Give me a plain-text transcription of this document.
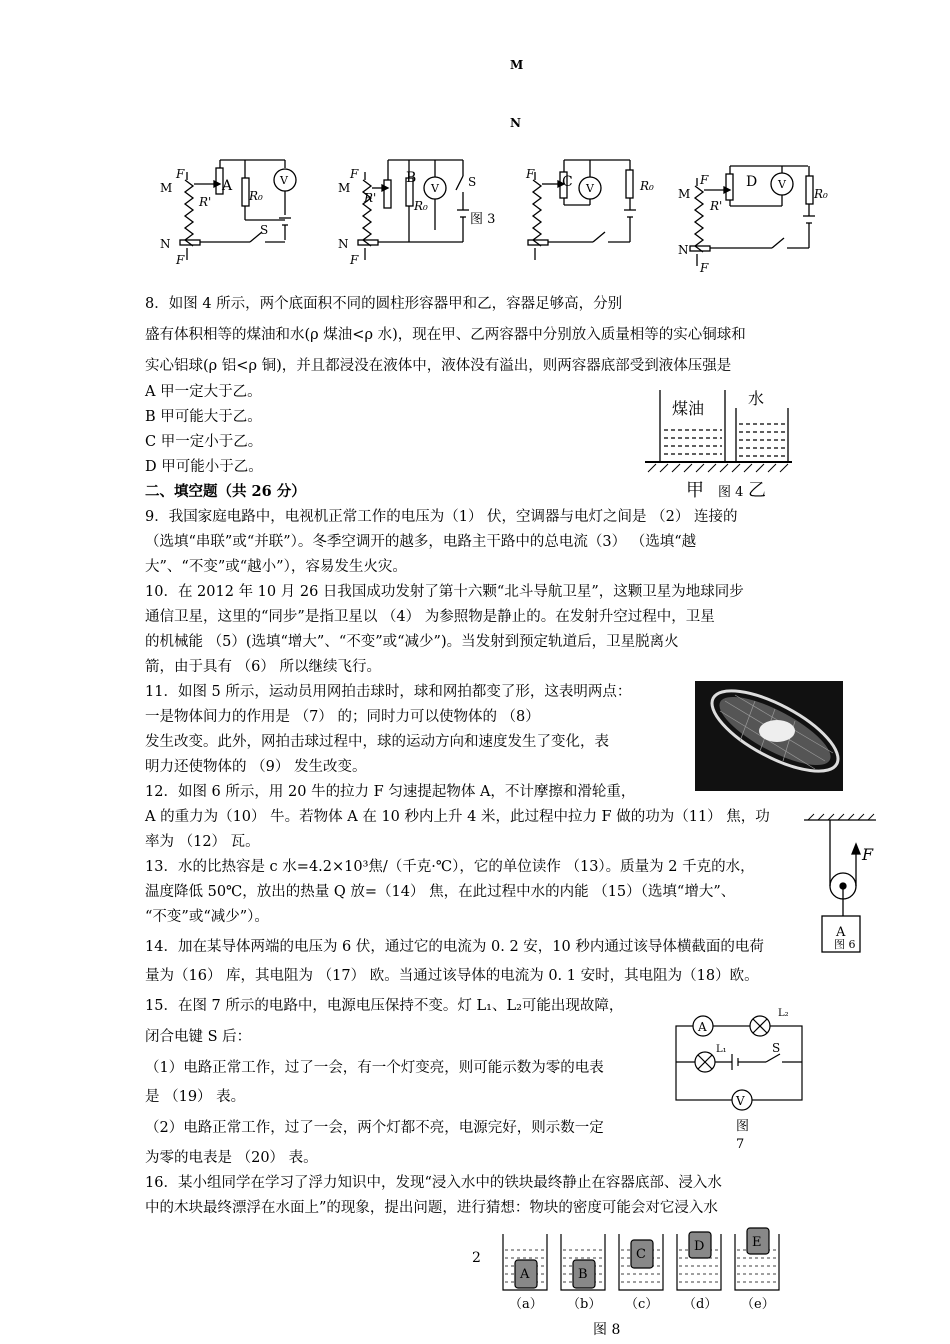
M
N
M
N
F
F
R'	R₀
V
S
A	M
N
F
F
R'
R₀
V S
B
图 3
C
F
V	R₀
M
N
F
F
R'
D V
R₀
8．如图 4 所示，两个底面积不同的圆柱形容器甲和乙，容器足够高，分别
盛有体积相等的煤油和水(ρ 煤油<ρ 水)，现在甲、乙两容器中分别放入质量相等的实心铜球和
实心铝球(ρ 铝<ρ 铜)，并且都浸没在液体中，液体没有溢出，则两容器底部受到液体压强是
A 甲一定大于乙。
B 甲可能大于乙。
C 甲一定小于乙。
D 甲可能小于乙。
煤油
水
甲 图 4 乙
二、填空题（共 26 分）
9．我国家庭电路中，电视机正常工作的电压为（1） 伏，空调器与电灯之间是 （2） 连接的
（选填“串联”或“并联”）。冬季空调开的越多，电路主干路中的总电流（3） （选填“越
大”、“不变”或“越小”），容易发生火灾。
10．在 2012 年 10 月 26 日我国成功发射了第十六颗“北斗导航卫星”，这颗卫星为地球同步
通信卫星，这里的“同步”是指卫星以 （4） 为参照物是静止的。在发射升空过程中，卫星
的机械能 （5）(选填“增大”、“不变”或“减少”)。当发射到预定轨道后，卫星脱离火
箭，由于具有 （6） 所以继续飞行。
11．如图 5 所示，运动员用网拍击球时，球和网拍都变了形，这表明两点：
一是物体间力的作用是 （7） 的；同时力可以使物体的 （8）
发生改变。此外，网拍击球过程中，球的运动方向和速度发生了变化，表
明力还使物体的 （9） 发生改变。
12．如图 6 所示，用 20 牛的拉力 F 匀速提起物体 A，不计摩擦和滑轮重，
A 的重力为（10） 牛。若物体 A 在 10 秒内上升 4 米，此过程中拉力 F 做的功为（11） 焦，功
率为 （12） 瓦。
13．水的比热容是 c 水=4.2×10³焦/（千克·℃），它的单位读作 （13）。质量为 2 千克的水，
温度降低 50℃，放出的热量 Q 放=（14） 焦，在此过程中水的内能 （15）（选填“增大”、
“不变”或“减少”）。
F
A
图 6
14．加在某导体两端的电压为 6 伏，通过它的电流为 0. 2 安，10 秒内通过该导体横截面的电荷
量为（16） 库，其电阻为 （17） 欧。当通过该导体的电流为 0. 1 安时，其电阻为（18）欧。
15．在图 7 所示的电路中，电源电压保持不变。灯 L₁、L₂可能出现故障，
闭合电键 S 后：
（1）电路正常工作，过了一会，有一个灯变亮，则可能示数为零的电表
是 （19） 表。
（2）电路正常工作，过了一会，两个灯都不亮，电源完好，则示数一定
为零的电表是 （20） 表。
A
V
L₂
L₁	S
图
7
16．某小组同学在学习了浮力知识中，发现“浸入水中的铁块最终静止在容器底部、浸入水
中的木块最终漂浮在水面上”的现象，提出问题，进行猜想：物块的密度可能会对它浸入水
2
A	B
C
D	E
（a） （b） （c） （d） （e）
图 8
